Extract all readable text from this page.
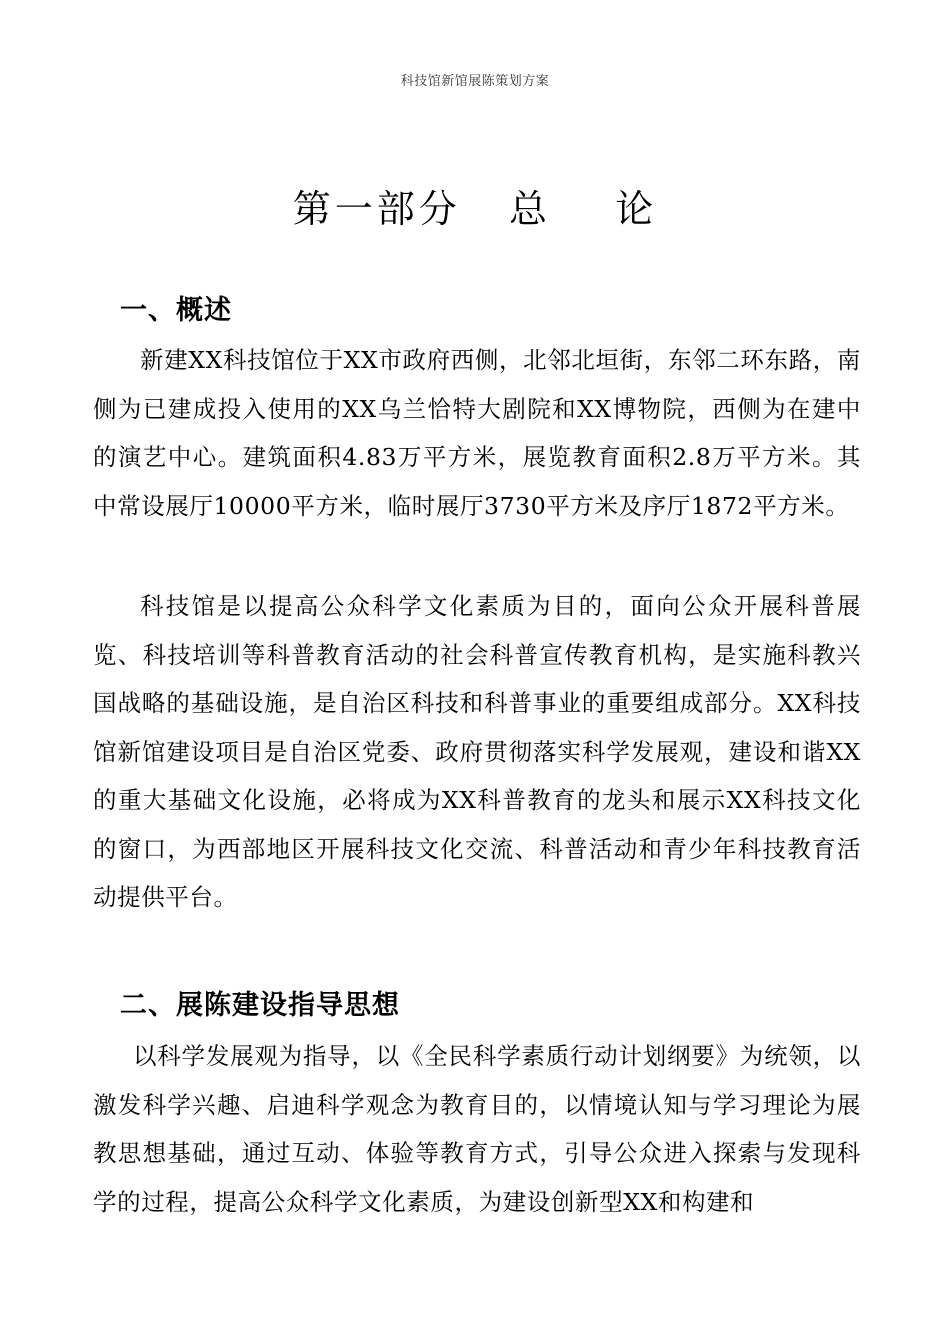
科技馆新馆展陈策划方案
第一部分   总    论
一、概述

新建XX科技馆位于XX市政府西侧，北邻北垣街，东邻二环东路，南侧为已建成投入使用的XX乌兰恰特大剧院和XX博物院，西侧为在建中的演艺中心。建筑面积4.83万平方米，展览教育面积2.8万平方米。其中常设展厅10000平方米，临时展厅3730平方米及序厅1872平方米。

科技馆是以提高公众科学文化素质为目的，面向公众开展科普展览、科技培训等科普教育活动的社会科普宣传教育机构，是实施科教兴国战略的基础设施，是自治区科技和科普事业的重要组成部分。XX科技馆新馆建设项目是自治区党委、政府贯彻落实科学发展观，建设和谐XX的重大基础文化设施，必将成为XX科普教育的龙头和展示XX科技文化的窗口，为西部地区开展科技文化交流、科普活动和青少年科技教育活动提供平台。

二、展陈建设指导思想

以科学发展观为指导，以《全民科学素质行动计划纲要》为统领，以激发科学兴趣、启迪科学观念为教育目的，以情境认知与学习理论为展教思想基础，通过互动、体验等教育方式，引导公众进入探索与发现科学的过程，提高公众科学文化素质，为建设创新型XX和构建和
